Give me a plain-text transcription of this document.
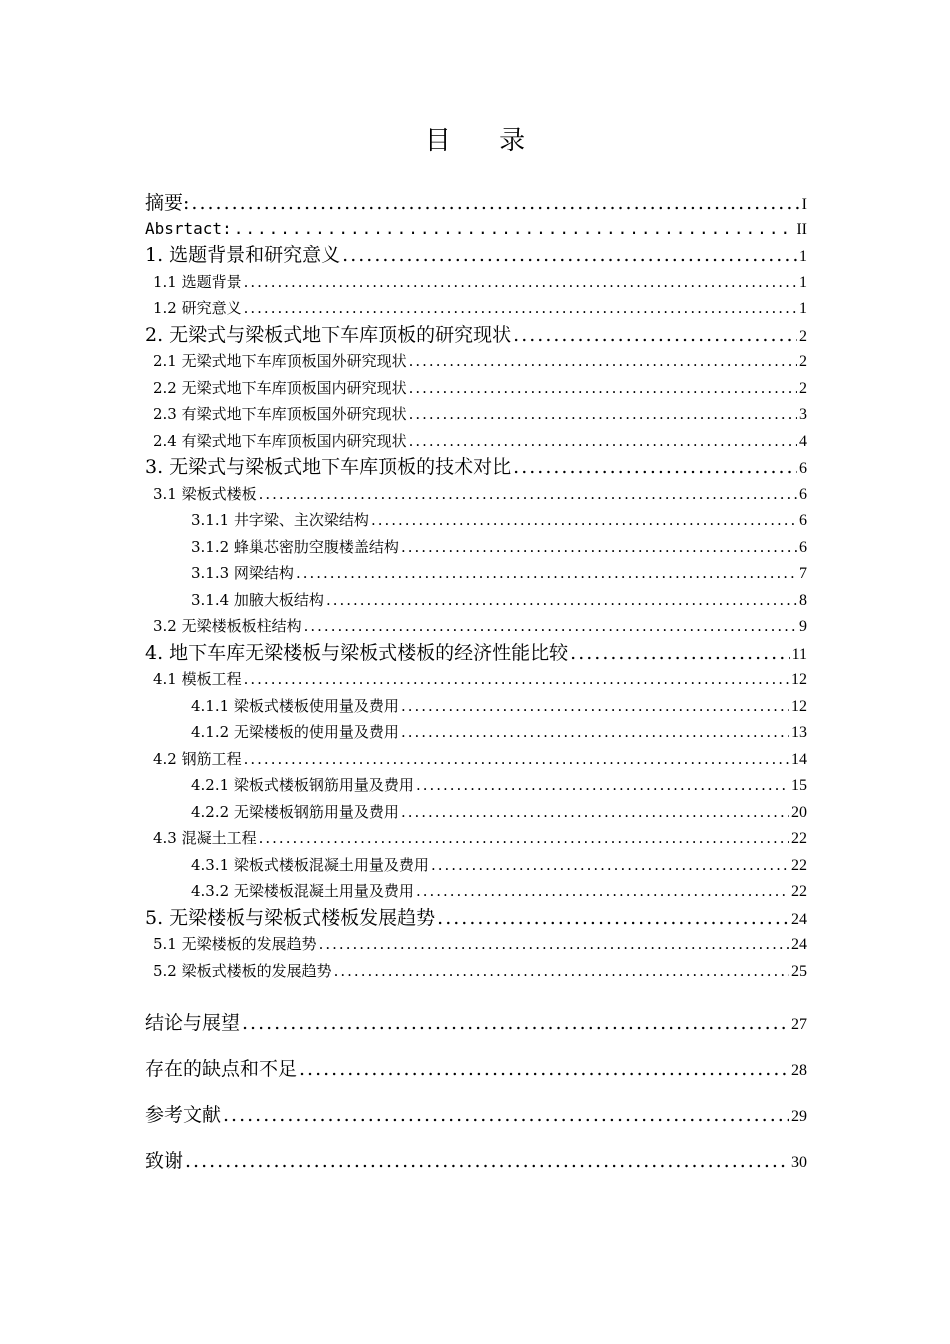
目 录
摘要: .....	I
Absrtact: .....	II
1. 选题背景和研究意义 .....	1
1.1 选题背景 .....	1
1.2 研究意义 .....	1
2. 无梁式与梁板式地下车库顶板的研究现状 .....	2
2.1 无梁式地下车库顶板国外研究现状 .....	2
2.2 无梁式地下车库顶板国内研究现状 .....	2
2.3 有梁式地下车库顶板国外研究现状 .....	3
2.4 有梁式地下车库顶板国内研究现状 .....	4
3. 无梁式与梁板式地下车库顶板的技术对比 .....	6
3.1 梁板式楼板 .....	6
3.1.1 井字梁、主次梁结构 .....	6
3.1.2 蜂巢芯密肋空腹楼盖结构 .....	6
3.1.3 网梁结构 .....	7
3.1.4 加腋大板结构 .....	8
3.2 无梁楼板板柱结构 .....	9
4. 地下车库无梁楼板与梁板式楼板的经济性能比较 .....	11
4.1 模板工程 .....	12
4.1.1 梁板式楼板使用量及费用 .....	12
4.1.2 无梁楼板的使用量及费用 .....	13
4.2 钢筋工程 .....	14
4.2.1 梁板式楼板钢筋用量及费用 .....	15
4.2.2 无梁楼板钢筋用量及费用 .....	20
4.3 混凝土工程 .....	22
4.3.1 梁板式楼板混凝土用量及费用 .....	22
4.3.2 无梁楼板混凝土用量及费用 .....	22
5. 无梁楼板与梁板式楼板发展趋势 .....	24
5.1 无梁楼板的发展趋势 .....	24
5.2 梁板式楼板的发展趋势 .....	25
结论与展望 .....	27
存在的缺点和不足 .....	28
参考文献 .....	29
致谢 .....	30
